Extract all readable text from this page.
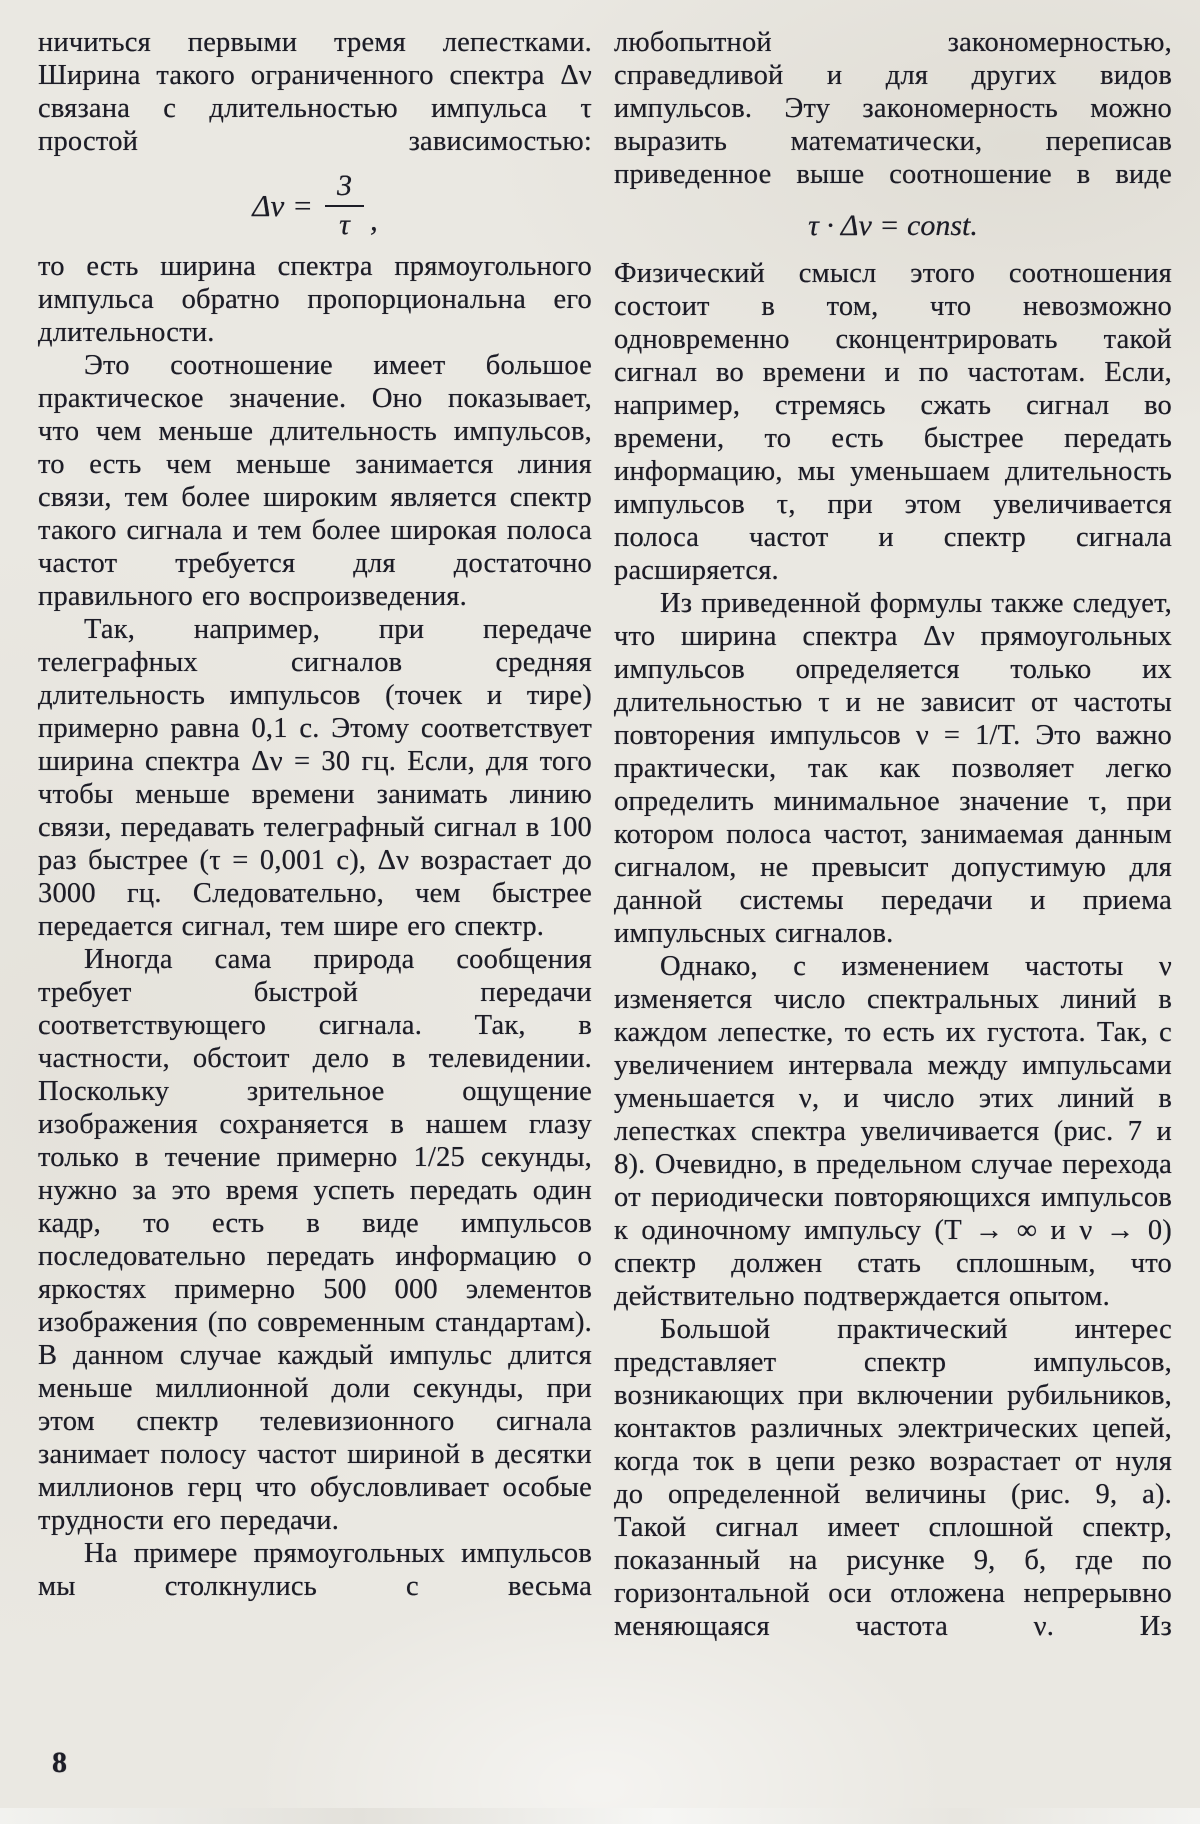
ничиться первыми тремя лепестками. Ширина такого ограниченного спектра Δν связана с длительностью импульса τ простой зависимостью:

$\Delta\nu = \frac{3}{\tau}$ ,

то есть ширина спектра прямоугольного импульса обратно пропорциональна его длительности.

Это соотношение имеет большое практическое значение. Оно показывает, что чем меньше длительность импульсов, то есть чем меньше занимается линия связи, тем более широким является спектр такого сигнала и тем более широкая полоса частот требуется для достаточно правильного его воспроизведения.

Так, например, при передаче телеграфных сигналов средняя длительность импульсов (точек и тире) примерно равна 0,1 с. Этому соответствует ширина спектра Δν = 30 гц. Если, для того чтобы меньше времени занимать линию связи, передавать телеграфный сигнал в 100 раз быстрее (τ = 0,001 с), Δν возрастает до 3000 гц. Следовательно, чем быстрее передается сигнал, тем шире его спектр.

Иногда сама природа сообщения требует быстрой передачи соответствующего сигнала. Так, в частности, обстоит дело в телевидении. Поскольку зрительное ощущение изображения сохраняется в нашем глазу только в течение примерно 1/25 секунды, нужно за это время успеть передать один кадр, то есть в виде импульсов последовательно передать информацию о яркостях примерно 500 000 элементов изображения (по современным стандартам). В данном случае каждый импульс длится меньше миллионной доли секунды, при этом спектр телевизионного сигнала занимает полосу частот шириной в десятки миллионов герц что обусловливает особые трудности его передачи.

На примере прямоугольных импульсов мы столкнулись с весьма

любопытной закономерностью, справедливой и для других видов импульсов. Эту закономерность можно выразить математически, переписав приведенное выше соотношение в виде

τ · Δν = const.

Физический смысл этого соотношения состоит в том, что невозможно одновременно сконцентрировать такой сигнал во времени и по частотам. Если, например, стремясь сжать сигнал во времени, то есть быстрее передать информацию, мы уменьшаем длительность импульсов τ, при этом увеличивается полоса частот и спектр сигнала расширяется.

Из приведенной формулы также следует, что ширина спектра Δν прямоугольных импульсов определяется только их длительностью τ и не зависит от частоты повторения импульсов ν = 1/T. Это важно практически, так как позволяет легко определить минимальное значение τ, при котором полоса частот, занимаемая данным сигналом, не превысит допустимую для данной системы передачи и приема импульсных сигналов.

Однако, с изменением частоты ν изменяется число спектральных линий в каждом лепестке, то есть их густота. Так, с увеличением интервала между импульсами уменьшается ν, и число этих линий в лепестках спектра увеличивается (рис. 7 и 8). Очевидно, в предельном случае перехода от периодически повторяющихся импульсов к одиночному импульсу (T → ∞ и ν → 0) спектр должен стать сплошным, что действительно подтверждается опытом.

Большой практический интерес представляет спектр импульсов, возникающих при включении рубильников, контактов различных электрических цепей, когда ток в цепи резко возрастает от нуля до определенной величины (рис. 9, а). Такой сигнал имеет сплошной спектр, показанный на рисунке 9, б, где по горизонтальной оси отложена непрерывно меняющаяся частота ν. Из

8
